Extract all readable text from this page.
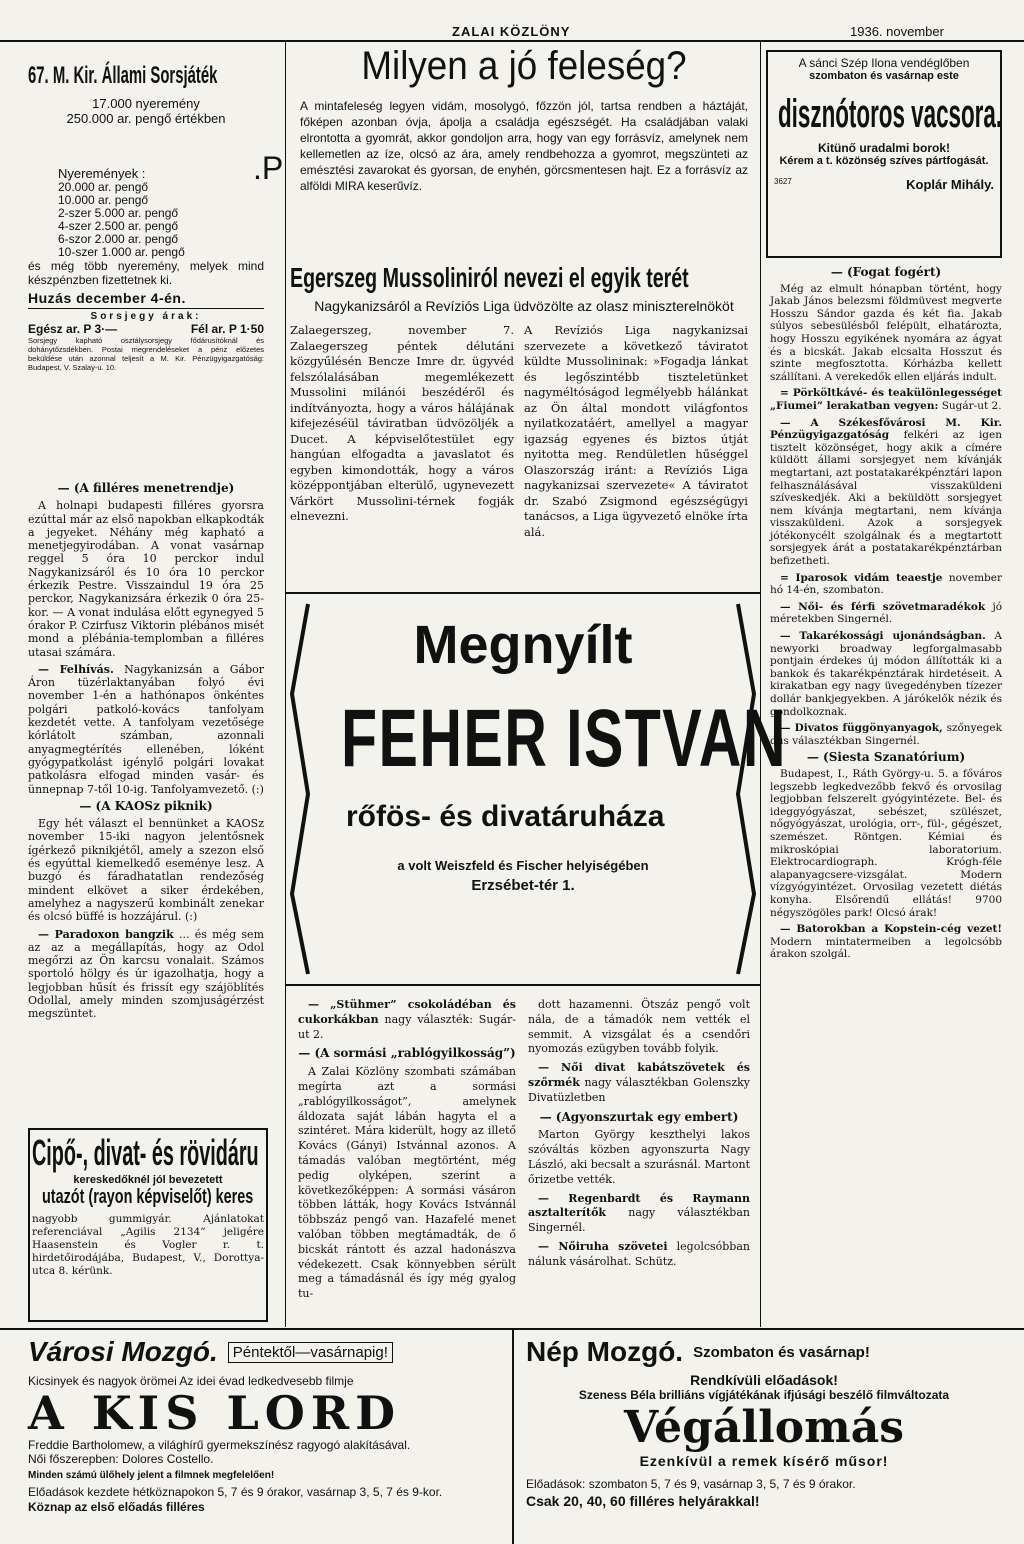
ZALAI KÖZLÖNY	1936. november
67. M. Kir. Állami Sorsjáték
17.000 nyeremény
250.000 ar. pengő értékben
Nyeremények :
20.000 ar. pengő
10.000 ar. pengő
2-szer 5.000 ar. pengő
4-szer 2.500 ar. pengő
6-szor 2.000 ar. pengő
10-szer 1.000 ar. pengő
és még több nyeremény, melyek mind készpénzben fizettetnek ki.
Huzás december 4-én.
Sorsjegy árak:
Egész ar. P 3·—	Fél ar. P 1·50
Sorsjegy kapható osztálysorsjegy fődárusítóknál és dohánytőzsdékben. Postai megrendeléseket a pénz előzetes beküldése után azonnal teljesít a M. Kir. Pénzügyigazgatóság: Budapest, V. Szalay-u. 10.
.P
— (A filléres menetrendje)

A holnapi budapesti filléres gyorsra ezúttal már az első napokban elkapkodták a jegyeket. Néhány még kapható a menetjegyirodában. A vonat vasárnap reggel 5 óra 10 perckor indul Nagykanizsáról és 10 óra 10 perckor érkezik Pestre. Visszaindul 19 óra 25 perckor, Nagykanizsára érkezik 0 óra 25-kor. — A vonat indulása előtt egynegyed 5 órakor P. Czirfusz Viktorin plébános misét mond a plébánia-templomban a filléres utasai számára.

— Felhívás. Nagykanizsán a Gábor Áron tüzérlaktanyában folyó évi november 1-én a hathónapos önkéntes polgári patkoló-kovács tanfolyam kezdetét vette. A tanfolyam vezetősége kórlátolt számban, azonnali anyagmegtérítés ellenében, lóként gyógypatkolást igénylő polgári lovakat patkolásra elfogad minden vasár- és ünnepnap 7-től 10-ig. Tanfolyamvezető. (:)

— (A KAOSz piknik)

Egy hét választ el bennünket a KAOSz november 15-iki nagyon jelentősnek ígérkező piknikjétől, amely a szezon első és egyúttal kiemelkedő eseménye lesz. A buzgó és fáradhatatlan rendezőség mindent elkövet a siker érdekében, amelyhez a nagyszerű kombinált zenekar és olcsó büffé is hozzájárul. (:)

— Paradoxon bangzik ... és még sem az az a megállapítás, hogy az Odol megőrzi az Ön karcsu vonalait. Számos sportoló hölgy és úr igazolhatja, hogy a legjobban hűsít és frissít egy szájöblítés Odollal, amely minden szomjuságérzést megszüntet.

Cipő-, divat- és rövidáru
kereskedőknél jól bevezetett
utazót (rayon képviselőt) keres
nagyobb gummigyár. Ajánlatokat referenciával „Agilis 2134” jeligére Haasenstein és Vogler r. t. hirdetőirodájába, Budapest, V., Dorottya-utca 8. kérünk.
Milyen a jó feleség?
A mintafeleség legyen vidám, mosolygó, főzzön jól, tartsa rendben a háztáját, főképen azonban óvja, ápolja a családja egészségét. Ha családjában valaki elrontotta a gyomrát, akkor gondoljon arra, hogy van egy forrásvíz, amelynek nem kellemetlen az íze, olcsó az ára, amely rendbehozza a gyomrot, megszünteti az emésztési zavarokat és gyorsan, de enyhén, görcsmentesen hajt. Ez a forrásvíz az alföldi MIRA keserűvíz.
Egerszeg Mussoliniról nevezi el egyik terét
Nagykanizsáról a Revíziós Liga üdvözölte az olasz miniszterelnököt
Zalaegerszeg, november 7. Zalaegerszeg péntek délutáni közgyűlésén Bencze Imre dr. ügyvéd felszólalásában megemlékezett Mussolini milánói beszédéről és indítványozta, hogy a város hálájának kifejezéséül táviratban üdvözöljék a Ducet. A képviselőtestület egy hangúan elfogadta a javaslatot és egyben kimondották, hogy a város középpontjában elterülő, ugynevezett Várkört Mussolini-térnek fogják elnevezni.
A Revíziós Liga nagykanizsai szervezete a következő táviratot küldte Mussolininak: »Fogadja lánkat és legőszintébb tiszteletünket nagyméltóságod legmélyebb hálánkat az Ön által mondott világfontos nyilatkozatáért, amellyel a magyar igazság egyenes és biztos útját nyitotta meg. Rendületlen hűséggel Olaszország iránt: a Revíziós Liga nagykanizsai szervezete« A táviratot dr. Szabó Zsigmond egészségügyi tanácsos, a Liga ügyvezető elnöke írta alá.
Megnyílt
FEHER ISTVAN
rőfös- és divatáruháza
a volt Weiszfeld és Fischer helyiségében
Erzsébet-tér 1.

— „Stühmer” csokoládéban és cukorkákban nagy választék: Sugár-ut 2.

— (A sormási „rablógyilkosság”)

A Zalai Közlöny szombati számában megírta azt a sormási „rablógyilkosságot”, amelynek áldozata saját lábán hagyta el a szintéret. Mára kiderült, hogy az illető Kovács (Gányi) Istvánnal azonos. A támadás valóban megtörtént, még pedig olyképen, szerint a következőképpen: A sormási vásáron többen látták, hogy Kovács Istvánnál többszáz pengő van. Hazafelé menet valóban többen megtámadták, de ő bicskát rántott és azzal hadonászva védekezett. Csak könnyebben sérült meg a támadásnál és így még gyalog tu-

dott hazamenni. Ötszáz pengő volt nála, de a támadók nem vették el semmit. A vizsgálat és a csendőri nyomozás ezügyben tovább folyik.

— Női divat kabátszövetek és szőrmék nagy választékban Golenszky Divatüzletben

— (Agyonszurtak egy embert)

Marton György keszthelyi lakos szóváltás közben agyonszurta Nagy László, aki becsalt a szurásnál. Martont őrizetbe vették.

— Regenbardt és Raymann asztalterítők nagy választékban Singernél.

— Nőiruha szövetei legolcsóbban nálunk vásárolhat. Schütz.

A sánci Szép Ilona vendéglőben
szombaton és vasárnap este
disznótoros vacsora.
Kitünő uradalmi borok!
Kérem a t. közönség szíves pártfogását.
3627	Koplár Mihály.
— (Fogat fogért)

Még az elmult hónapban történt, hogy Jakab János belezsmi földmüvest megverte Hosszu Sándor gazda és két fia. Jakab súlyos sebesülésből felépült, elhatározta, hogy Hosszu egyikének nyomára az ágyat és a bicskát. Jakab elcsalta Hosszut és szinte megfosztotta. Kórházba kellett szállítani. A verekedők ellen eljárás indult.

= Pörköltkávé- és teakülönlegességet „Fiumei” lerakatban vegyen: Sugár-ut 2.

— A Székesfővárosi M. Kir. Pénzügyigazgatóság felkéri az igen tisztelt közönséget, hogy akik a címére küldött állami sorsjegyet nem kívánják megtartani, azt postatakarékpénztári lapon felhasználásával visszaküldeni szíveskedjék. Aki a beküldött sorsjegyet nem kívánja megtartani, nem kívánja visszaküldeni. Azok a sorsjegyek jótékonycélt szolgálnak és a megtartott sorsjegyek árát a postatakarékpénztárban befizetheti.

= Iparosok vidám teaestje november hó 14-én, szombaton.

— Női- és férfi szövetmaradékok jó méretekben Singernél.

— Takarékossági ujonándságban. A newyorki broadway legforgalmasabb pontjain érdekes új módon állították ki a bankok és takarékpénztárak hirdetéseit. A kirakatban egy nagy üvegedényben tízezer dollár bankjegyekben. A járókelők nézik és gondolkoznak.

— Divatos függönyanyagok, szőnyegek dús választékban Singernél.

— (Siesta Szanatórium)

Budapest, I., Ráth György-u. 5. a főváros legszebb legkedvezőbb fekvő és orvosilag legjobban felszerelt gyógyintézete. Bel- és ideggyógyászat, sebészet, szülészet, nőgyógyászat, urológia, orr-, fül-, gégészet, szemészet. Röntgen. Kémiai és mikroskópiai laboratorium. Elektrocardiograph. Krógh-féle alapanyagcsere-vizsgálat. Modern vízgyógyintézet. Orvosilag vezetett diétás konyha. Elsőrendű ellátás! 9700 négyszögöles park! Olcsó árak!

— Batorokban a Kopstein-cég vezet! Modern mintatermeiben a legolcsóbb árakon szolgál.

Városi Mozgó.	Péntektől—vasárnapig!
Kicsinyek és nagyok örömei Az idei évad ledkedvesebb filmje
A KIS LORD
Freddie Bartholomew, a világhírű gyermekszínész ragyogó alakításával.
Női főszerepben: Dolores Costello.
Minden számú ülőhely jelent a filmnek megfelelően!
Előadások kezdete hétköznapokon 5, 7 és 9 órakor, vasárnap 3, 5, 7 és 9-kor.
Köznap az első előadás filléres
Nép Mozgó. Szombaton és vasárnap!
Rendkívüli előadások!
Szeness Béla brilliáns vígjátékának ifjúsági beszélő filmváltozata
Végállomás
Ezenkívül a remek kísérő műsor!
Előadások: szombaton 5, 7 és 9, vasárnap 3, 5, 7 és 9 órakor.
Csak 20, 40, 60 filléres helyárakkal!
